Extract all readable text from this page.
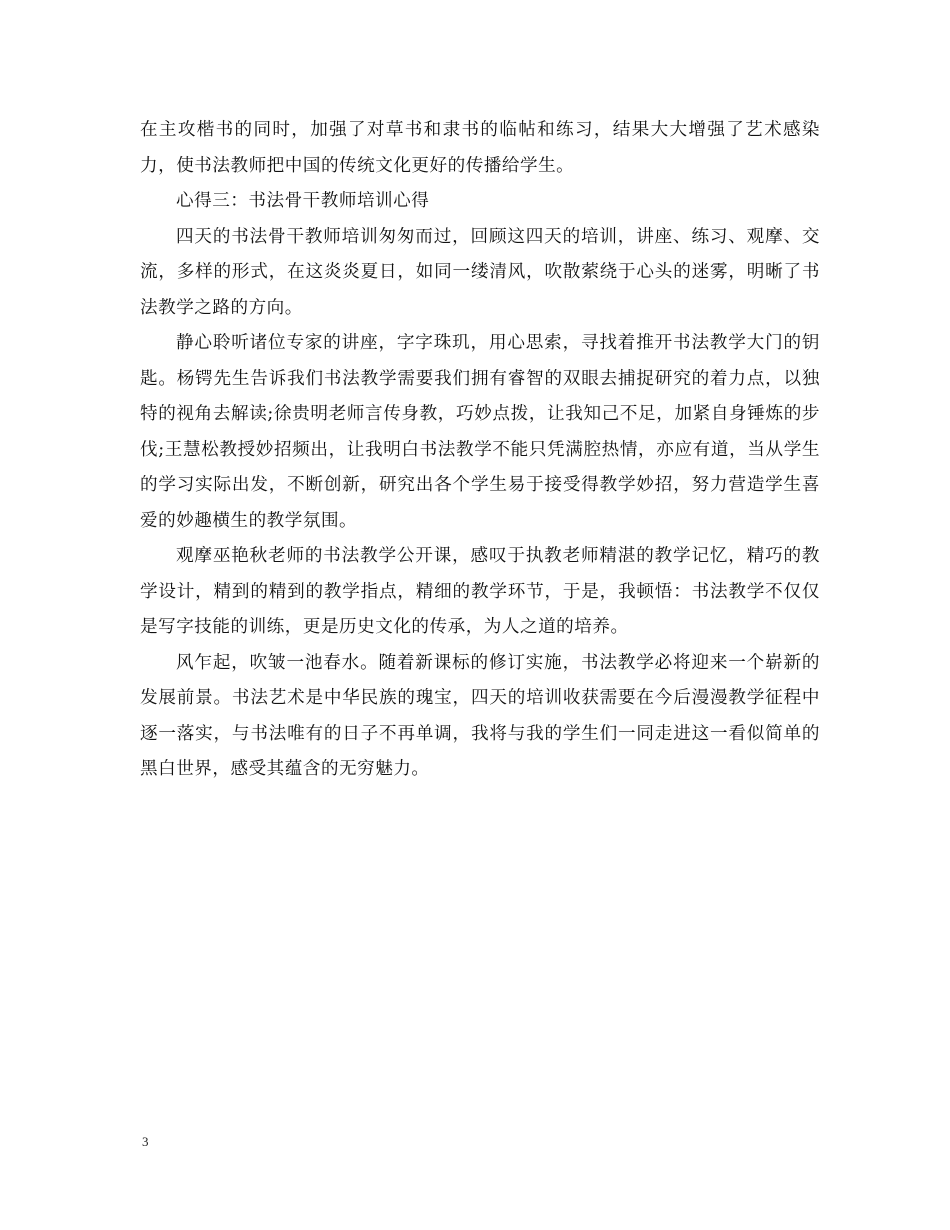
在主攻楷书的同时，加强了对草书和隶书的临帖和练习，结果大大增强了艺术感染力，使书法教师把中国的传统文化更好的传播给学生。

心得三：书法骨干教师培训心得

四天的书法骨干教师培训匆匆而过，回顾这四天的培训，讲座、练习、观摩、交流，多样的形式，在这炎炎夏日，如同一缕清风，吹散萦绕于心头的迷雾，明晰了书法教学之路的方向。

静心聆听诸位专家的讲座，字字珠玑，用心思索，寻找着推开书法教学大门的钥匙。杨锷先生告诉我们书法教学需要我们拥有睿智的双眼去捕捉研究的着力点，以独特的视角去解读;徐贵明老师言传身教，巧妙点拨，让我知己不足，加紧自身锤炼的步伐;王慧松教授妙招频出，让我明白书法教学不能只凭满腔热情，亦应有道，当从学生的学习实际出发，不断创新，研究出各个学生易于接受得教学妙招，努力营造学生喜爱的妙趣横生的教学氛围。

观摩巫艳秋老师的书法教学公开课，感叹于执教老师精湛的教学记忆，精巧的教学设计，精到的精到的教学指点，精细的教学环节，于是，我顿悟：书法教学不仅仅是写字技能的训练，更是历史文化的传承，为人之道的培养。

风乍起，吹皱一池春水。随着新课标的修订实施，书法教学必将迎来一个崭新的发展前景。书法艺术是中华民族的瑰宝，四天的培训收获需要在今后漫漫教学征程中逐一落实，与书法唯有的日子不再单调，我将与我的学生们一同走进这一看似简单的黑白世界，感受其蕴含的无穷魅力。

3
